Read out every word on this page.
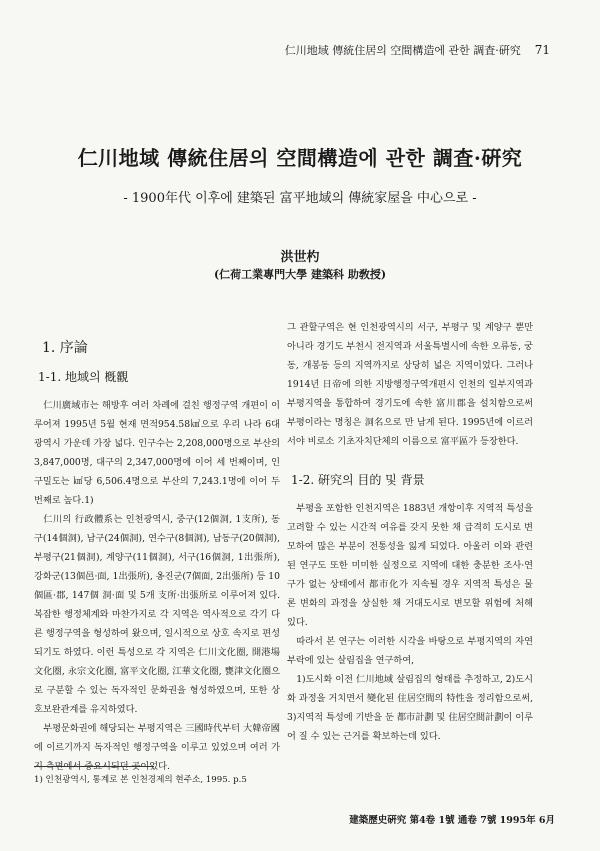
仁川地域 傳統住居의 空間構造에 관한 調査·硏究 71
仁川地域 傳統住居의 空間構造에 관한 調査·硏究
- 1900年代 이후에 建築된 富平地域의 傳統家屋을 中心으로 -
洪世杓
(仁荷工業專門大學 建築科 助敎授)
1. 序論
1-1. 地域의 槪觀

仁川廣域市는 해방후 여러 차례에 걸친 행정구역 개편이 이루어져 1995년 5월 현재 면적954.58㎢으로 우리 나라 6대 광역시 가운데 가장 넓다. 인구수는 2,208,000명으로 부산의 3,847,000명, 대구의 2,347,000명에 이어 세 번째이며, 인구밀도는 ㎢당 6,506.4명으로 부산의 7,243.1명에 이어 두 번째로 높다.1)

仁川의 行政體系는 인천광역시, 중구(12個洞, 1支所), 동구(14個洞), 남구(24個洞), 연수구(8個洞), 남동구(20個洞), 부평구(21個洞), 계양구(11個洞), 서구(16個洞, 1出張所), 강화군(13個邑·面, 1出張所), 옹진군(7個面, 2出張所) 등 10個區·郡, 147個 洞·面 및 5개 支所·出張所로 이루어져 있다. 복잡한 행정체계와 마찬가지로 각 지역은 역사적으로 각기 다른 행정구역을 형성하여 왔으며, 일시적으로 상호 속지로 편성되기도 하였다. 이런 특성으로 각 지역은 仁川文化圈, 開港場文化圈, 永宗文化圈, 富平文化圈, 江華文化圈, 甕津文化圈으로 구분할 수 있는 독자적인 문화권을 형성하였으며, 또한 상호보완관계를 유지하였다.

부평문화권에 해당되는 부평지역은 三國時代부터 大韓帝國에 이르기까지 독자적인 행정구역을 이루고 있었으며 여러 가지 측면에서 중요시되던 곳이었다.

그 관할구역은 현 인천광역시의 서구, 부평구 및 계양구 뿐만 아니라 경기도 부천시 전지역과 서울특별시에 속한 오류동, 궁동, 개봉동 등의 지역까지로 상당히 넓은 지역이었다. 그러나 1914년 日帝에 의한 지방행정구역개편시 인천의 일부지역과 부평지역을 통합하여 경기도에 속한 富川郡을 설치함으로써 부평이라는 명칭은 洞名으로 만 남게 된다. 1995년에 이르러 서야 비로소 기초자치단체의 이름으로 富平區가 등장한다.

1-2. 硏究의 目的 및 背景

부평을 포함한 인천지역은 1883년 개항이후 지역적 특성을 고려할 수 있는 시간적 여유를 갖지 못한 채 급격히 도시로 변모하여 많은 부분이 전통성을 잃게 되었다. 아울러 이와 관련된 연구도 또한 미미한 실정으로 지역에 대한 충분한 조사·연구가 없는 상태에서 都市化가 지속될 경우 지역적 특성은 물론 변화의 과정을 상실한 채 거대도시로 변모할 위험에 처해 있다.

따라서 본 연구는 이러한 시각을 바탕으로 부평지역의 자연부락에 있는 살림집을 연구하여,

1)도시화 이전 仁川地域 살림집의 형태를 추정하고, 2)도시화 과정을 거치면서 變化된 住居空間의 特性을 정리함으로써, 3)지역적 특성에 기반을 둔 都市計劃 및 住居空間計劃이 이루어 질 수 있는 근거를 확보하는데 있다.

1) 인천광역시, 통계로 본 인천경제의 현주소, 1995. p.5
建築歷史硏究 第4卷 1號 通卷 7號 1995年 6月
